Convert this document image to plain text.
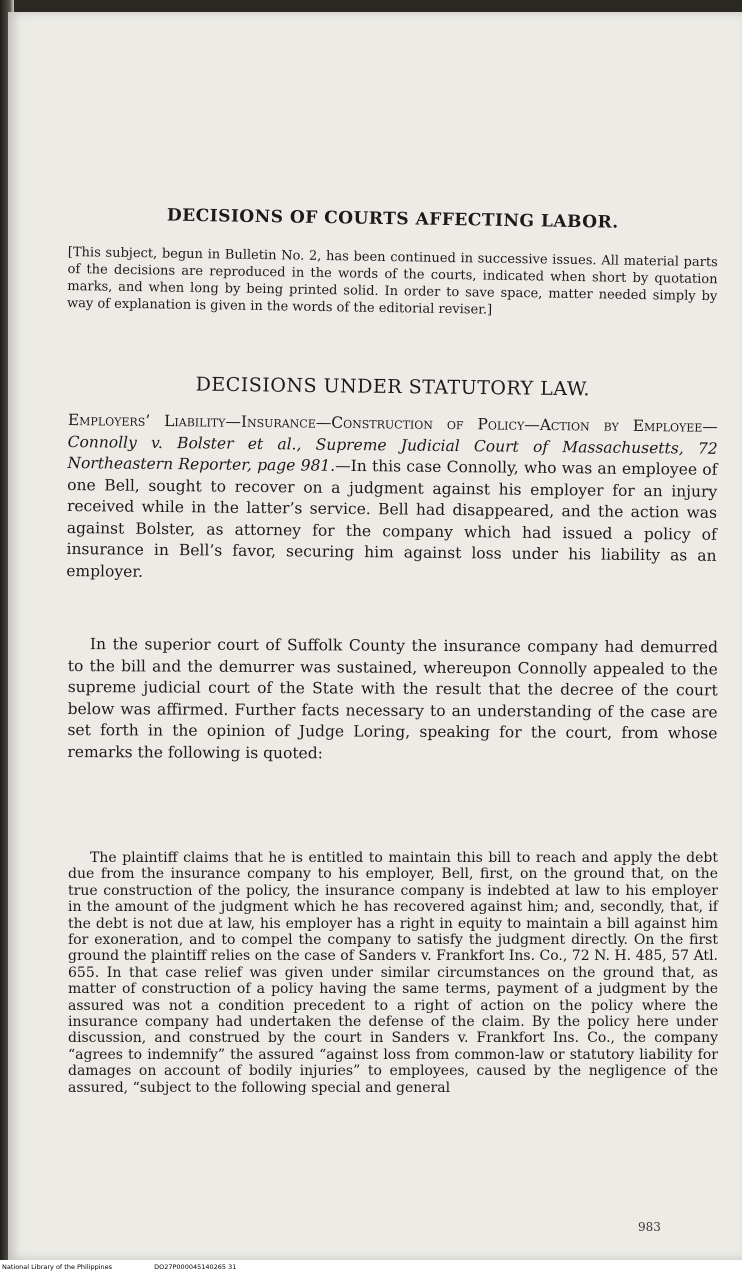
DECISIONS OF COURTS AFFECTING LABOR.
[This subject, begun in Bulletin No. 2, has been continued in successive issues. All material parts of the decisions are reproduced in the words of the courts, indicated when short by quotation marks, and when long by being printed solid. In order to save space, matter needed simply by way of explanation is given in the words of the editorial reviser.]
DECISIONS UNDER STATUTORY LAW.
Employers’ Liability—Insurance—Construction of Policy—Action by Employee—Connolly v. Bolster et al., Supreme Judicial Court of Massachusetts, 72 Northeastern Reporter, page 981.—In this case Connolly, who was an employee of one Bell, sought to recover on a judgment against his employer for an injury received while in the latter’s service. Bell had disappeared, and the action was against Bolster, as attorney for the company which had issued a policy of insurance in Bell’s favor, securing him against loss under his liability as an employer.
In the superior court of Suffolk County the insurance company had demurred to the bill and the demurrer was sustained, whereupon Connolly appealed to the supreme judicial court of the State with the result that the decree of the court below was affirmed. Further facts necessary to an understanding of the case are set forth in the opinion of Judge Loring, speaking for the court, from whose remarks the following is quoted:
The plaintiff claims that he is entitled to maintain this bill to reach and apply the debt due from the insurance company to his employer, Bell, first, on the ground that, on the true construction of the policy, the insurance company is indebted at law to his employer in the amount of the judgment which he has recovered against him; and, secondly, that, if the debt is not due at law, his employer has a right in equity to maintain a bill against him for exoneration, and to compel the company to satisfy the judgment directly. On the first ground the plaintiff relies on the case of Sanders v. Frankfort Ins. Co., 72 N. H. 485, 57 Atl. 655. In that case relief was given under similar circumstances on the ground that, as matter of construction of a policy having the same terms, payment of a judgment by the assured was not a condition precedent to a right of action on the policy where the insurance company had undertaken the defense of the claim. By the policy here under discussion, and construed by the court in Sanders v. Frankfort Ins. Co., the company “agrees to indemnify” the assured “against loss from common-law or statutory liability for damages on account of bodily injuries” to employees, caused by the negligence of the assured, “subject to the following special and general
983
National Library of the Philippines	DO27P000045140265 31
